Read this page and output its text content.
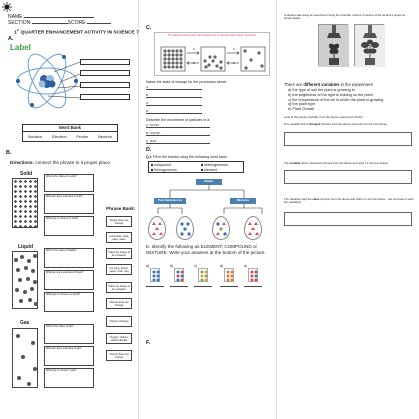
NAME:
SECTION:	SCORE:
1st QUARTER ENHANCEMENT ACTIVITY IN SCIENCE 7
A.
Label
Word Bank
Nucleus Electron Proton Neutron
B.
Directions: connect the phrase to it proper place.
Solid
Liquid
Gas
What is the shape of a solid?
What are some examples of solid?
What type of volume for solid?
What is the shape of liquids?
What are some examples of liquid?
What type of volume in a liquid?
What is the shape of gas?
What are some examples of gas?
What type of volume in gas?
Phrase Bank:
Shape does not change
Lemonade, soda, juice, water
Takes the shape of its container
Ice cube, pencil, paper, chair, dog
Takes the shape of its container
Volume does not change
Volume changes
Oxygen, helium, carbon dioxide
Volume does not change
C.
The diagram below gives the arrangement of particles solid, liquid, and gases
A
B
C
D
Name the state of change for the processes above
A.
B.
C.
D.
Describe the movement of particles in a:
A. SOLID:
B. LIQUID:
C. GAS:
D.
Q.1 Fill in the blanks using the following word bank.
compound	heterogeneous
homogeneous	element
Matter
Pure Substances	Mixtures
E. Identify the following as ELEMENT, COMPOUND or MIXTURE. Write your answers at the bottom of the picture.
a)	b)	c)	d)	e)
F.
A student was doing an experiment using the scientific method. A picture of the student's project is shown below.
There are different variables in the experiment
a) the type of soil the plant is growing in
b) the brightness of the light is shining on the plant
c) the temperature of the air in which the plant is growing
d) the plant type
e) Plant Growth
Look at the picture carefully, from the above experiment identify:
One variable that is changed (choose from the above and write it in the box below)
The variable that is measured (choose from the above and write it in the box below)
The variables kept the same (choose from the above and write it in the box below... use commas to write the variables)
